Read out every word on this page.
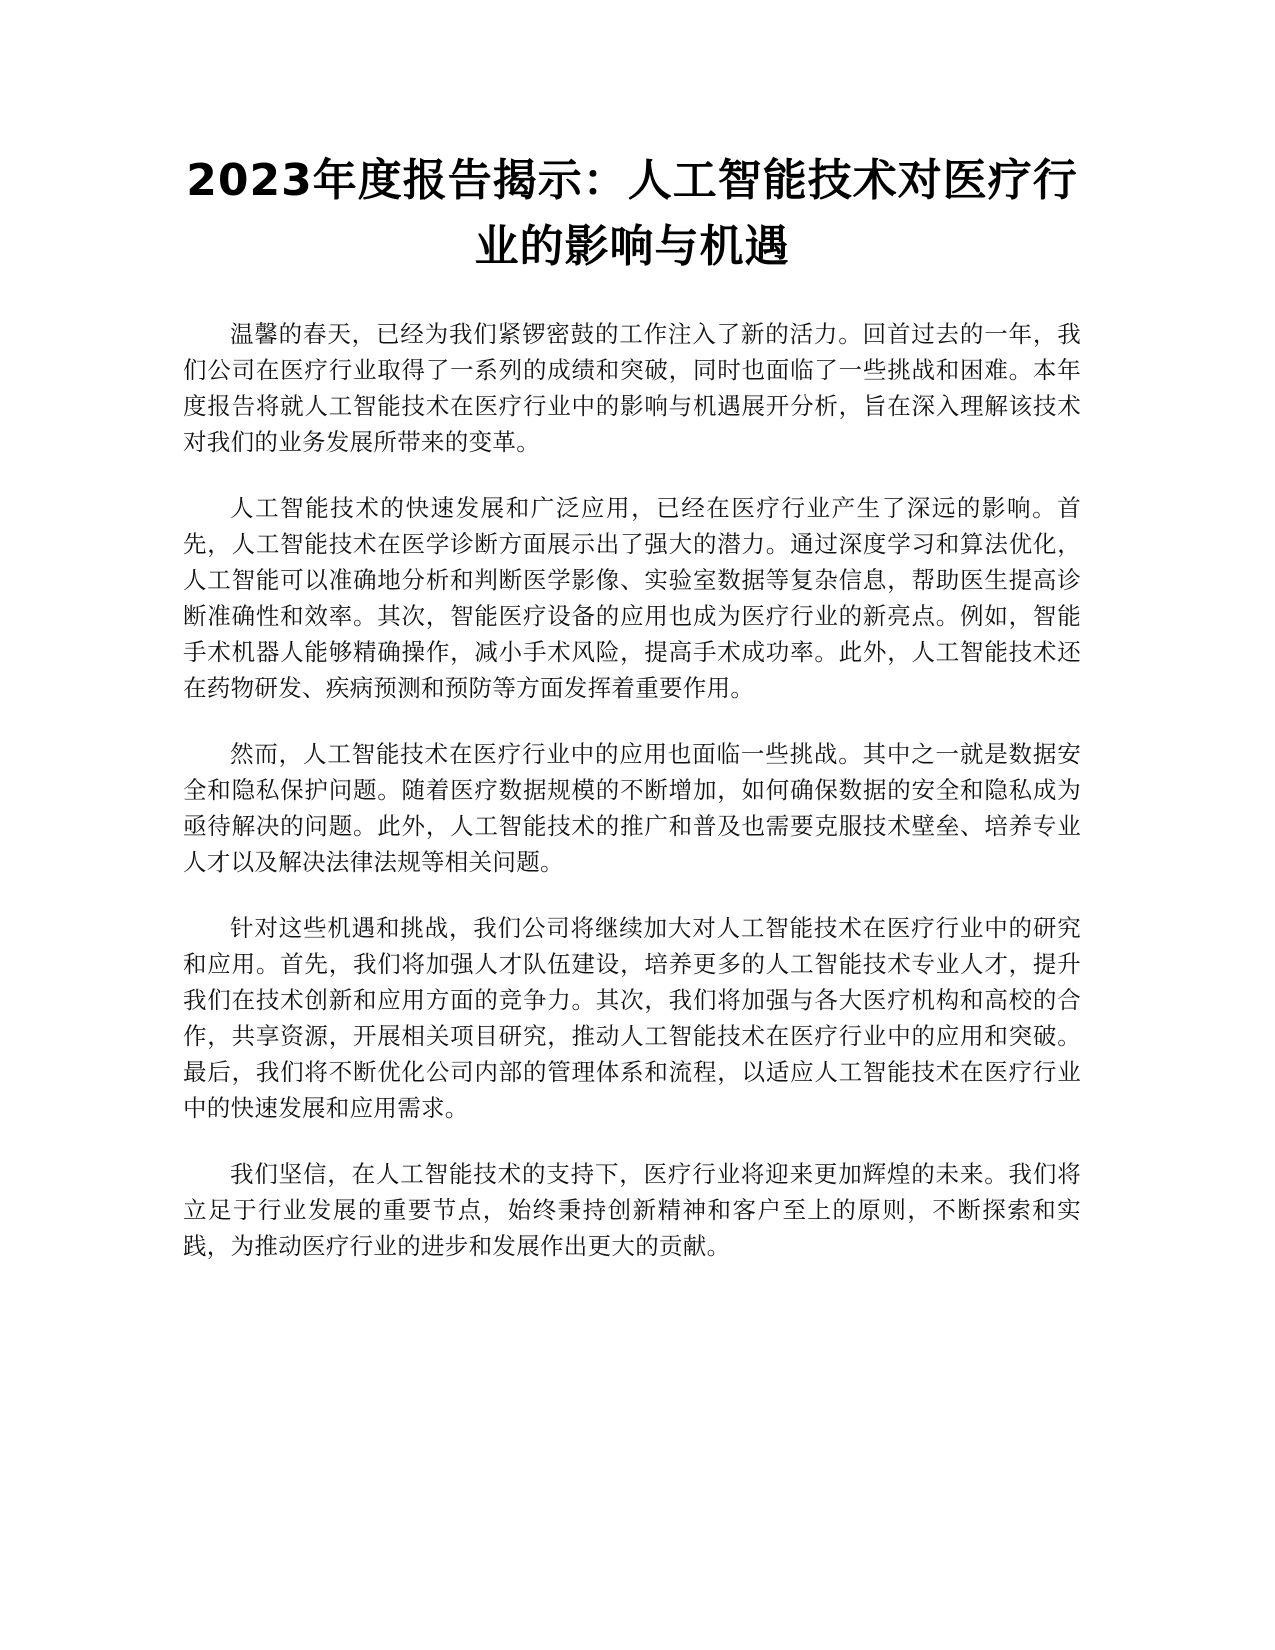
2023年度报告揭示：人工智能技术对医疗行业的影响与机遇

温馨的春天，已经为我们紧锣密鼓的工作注入了新的活力。回首过去的一年，我们公司在医疗行业取得了一系列的成绩和突破，同时也面临了一些挑战和困难。本年度报告将就人工智能技术在医疗行业中的影响与机遇展开分析，旨在深入理解该技术对我们的业务发展所带来的变革。

人工智能技术的快速发展和广泛应用，已经在医疗行业产生了深远的影响。首先，人工智能技术在医学诊断方面展示出了强大的潜力。通过深度学习和算法优化，人工智能可以准确地分析和判断医学影像、实验室数据等复杂信息，帮助医生提高诊断准确性和效率。其次，智能医疗设备的应用也成为医疗行业的新亮点。例如，智能手术机器人能够精确操作，减小手术风险，提高手术成功率。此外，人工智能技术还在药物研发、疾病预测和预防等方面发挥着重要作用。

然而，人工智能技术在医疗行业中的应用也面临一些挑战。其中之一就是数据安全和隐私保护问题。随着医疗数据规模的不断增加，如何确保数据的安全和隐私成为亟待解决的问题。此外，人工智能技术的推广和普及也需要克服技术壁垒、培养专业人才以及解决法律法规等相关问题。

针对这些机遇和挑战，我们公司将继续加大对人工智能技术在医疗行业中的研究和应用。首先，我们将加强人才队伍建设，培养更多的人工智能技术专业人才，提升我们在技术创新和应用方面的竞争力。其次，我们将加强与各大医疗机构和高校的合作，共享资源，开展相关项目研究，推动人工智能技术在医疗行业中的应用和突破。最后，我们将不断优化公司内部的管理体系和流程，以适应人工智能技术在医疗行业中的快速发展和应用需求。

我们坚信，在人工智能技术的支持下，医疗行业将迎来更加辉煌的未来。我们将立足于行业发展的重要节点，始终秉持创新精神和客户至上的原则，不断探索和实践，为推动医疗行业的进步和发展作出更大的贡献。
